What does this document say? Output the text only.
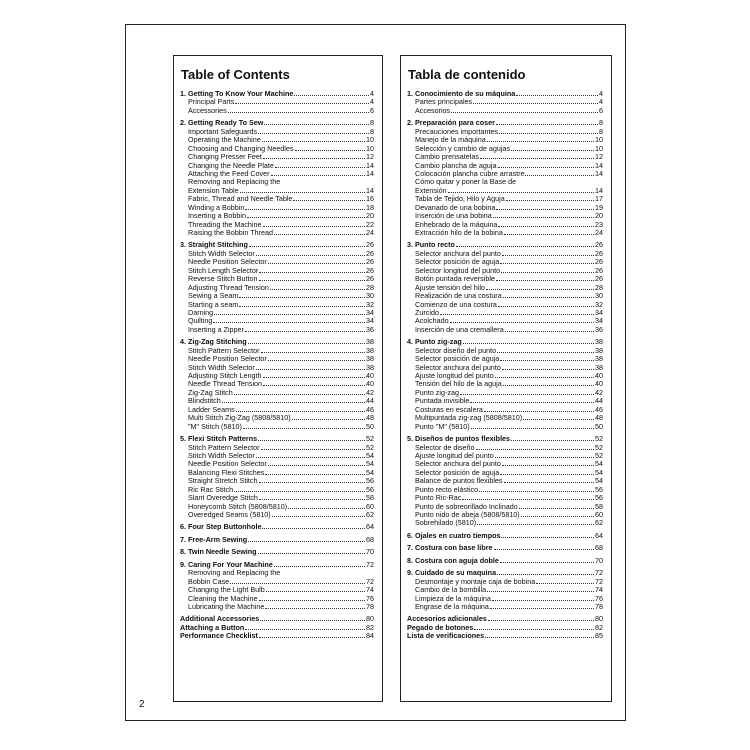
Table of Contents
1. Getting To Know Your Machine	4
Principal Parts	4
Accessories	6
2. Getting Ready To Sew	8
Important Safeguards	8
Operating the Machine	10
Choosing and Changing Needles	10
Changing Presser Feet	12
Changing the Needle Plate	14
Attaching the Feed Cover	14
Removing and Replacing the
Extension Table	14
Fabric, Thread and Needle Table	16
Winding a Bobbin	18
Inserting a Bobbin	20
Threading the Machine	22
Raising the Bobbin Thread	24
3. Straight Stitching	26
Stitch Width Selector	26
Needle Position Selector	26
Stitch Length Selector	26
Reverse Stitch Button	26
Adjusting Thread Tension	28
Sewing a Seam	30
Starting a seam	32
Darning	34
Quilting	34
Inserting a Zipper	36
4. Zig-Zag Stitching	38
Stitch Pattern Selector	38
Needle Position Selector	38
Stitch Width Selector	38
Adjusting Stitch Length	40
Needle Thread Tension	40
Zig-Zag Stitch	42
Blindstitch	44
Ladder Seams	46
Multi Stitch Zig-Zag (5808/5810)	48
"M" Stitch (5810)	50
5. Flexi Stitch Patterns	52
Stitch Pattern Selector	52
Stitch Width Selector	54
Needle Position Selector	54
Balancing Flexi Stitches	54
Straight Stretch Stitch	56
Ric Rac Stitch	56
Slant Overedge Stitch	58
Honeycomb Stitch (5808/5810)	60
Overedged Seams (5810)	62
6. Four Step Buttonhole	64
7. Free-Arm Sewing	68
8. Twin Needle Sewing	70
9. Caring For Your Machine	72
Removing and Replacing the
Bobbin Case	72
Changing the Light Bulb	74
Cleaning the Machine	76
Lubricating the Machine	78
Additional Accessories	80
Attaching a Button	82
Performance Checklist	84
Tabla de contenido
1. Conocimiento de su máquina	4
Partes principales	4
Accesorios	6
2. Preparación para coser	8
Precauciones importantes	8
Manejo de la máquina	10
Selección y cambio de agujas	10
Cambio prensatelas	12
Cambio plancha de aguja	14
Colocación plancha cubre arrastre	14
Cómo quitar y poner la Base de
Extensión	14
Tabla de Tejido, Hilo y Aguja	17
Devanado de una bobina	19
Inserción de una bobina	20
Enhebrado de la máquina	23
Extracción hilo de la bobina	24
3. Punto recto	26
Selector anchura del punto	26
Selector posición de aguja	26
Selector longitud del punto	26
Botón puntada reversible	26
Ajuste tensión del hilo	28
Realización de una costura	30
Comienzo de una costura	32
Zurcido	34
Acolchado	34
Inserción de una cremallera	36
4. Punto zig-zag	38
Selector diseño del punto	38
Selector posición de aguja	38
Selector anchura del punto	38
Ajuste longitud del punto	40
Tensión del hilo de la aguja	40
Punto zig-zag	42
Puntada invisible	44
Costuras en escalera	46
Multipuntada zig-zag (5808/5810)	48
Punto "M" (5810)	50
5. Diseños de puntos flexibles	52
Selector de diseño	52
Ajuste longitud del punto	52
Selector anchura del punto	54
Selector posición de aguja	54
Balance de puntos flexibles	54
Punto recto elástico	56
Punto Ric-Rac	56
Punto de sobreorillado Inclinado	58
Punto nido de abeja (5808/5810)	60
Sobrehilado (5810)	62
6. Ojales en cuatro tiempos	64
7. Costura con base libre	68
8. Costura con aguja doble	70
9. Cuidado de su maquina	72
Desmontaje y montaje caja de bobina	72
Cambio de la bombilla	74
Limpieza de la máquina	76
Engrase de la máquina	78
Accesorios adicionales	80
Pegado de botones	82
Lista de verificaciones	85
2
